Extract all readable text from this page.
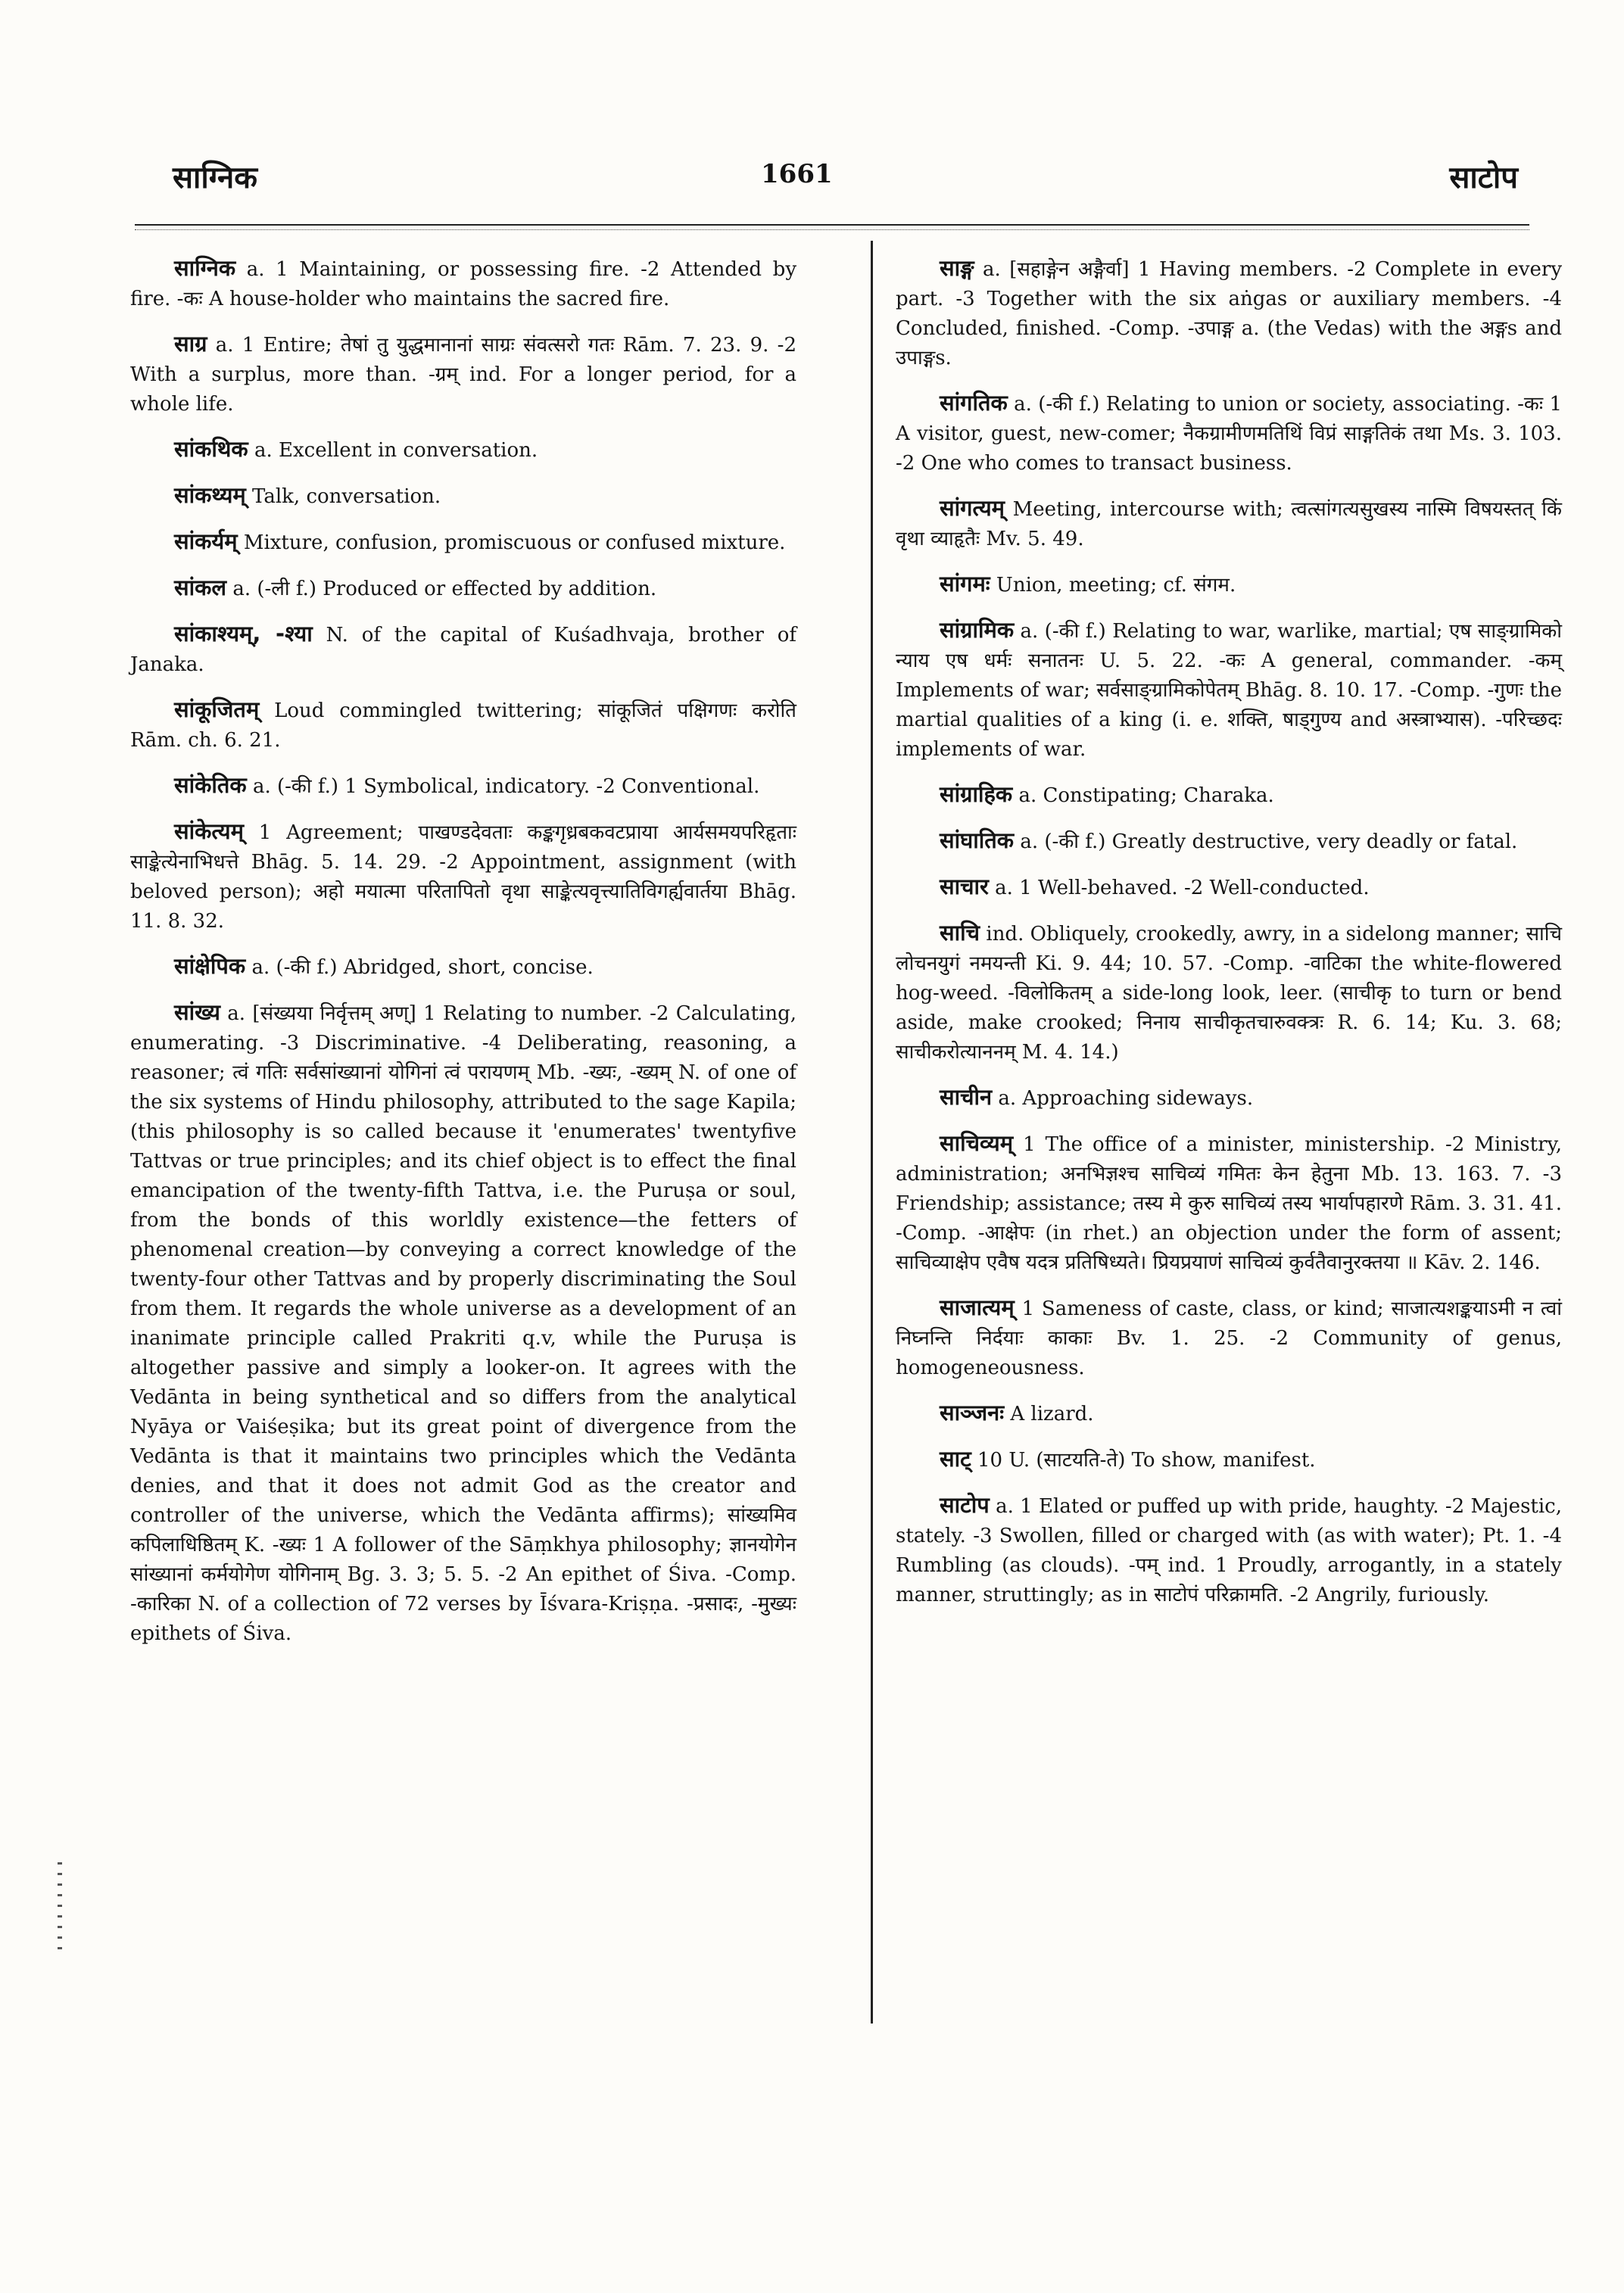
साग्निक	1661	साटोप

साग्निक a. 1 Maintaining, or possessing fire. -2 Attended by fire. -कः A house-holder who maintains the sacred fire.

साग्र a. 1 Entire; तेषां तु युद्धमानानां साग्रः संवत्सरो गतः Rām. 7. 23. 9. -2 With a surplus, more than. -ग्रम् ind. For a longer period, for a whole life.

सांकथिक a. Excellent in conversation.

सांकथ्यम् Talk, conversation.

सांकर्यम् Mixture, confusion, promiscuous or confused mixture.

सांकल a. (-ली f.) Produced or effected by addition.

सांकाश्यम्, -श्या N. of the capital of Kuśadhvaja, brother of Janaka.

सांकूजितम् Loud commingled twittering; सांकूजितं पक्षिगणः करोति Rām. ch. 6. 21.

सांकेतिक a. (-की f.) 1 Symbolical, indicatory. -2 Conventional.

सांकेत्यम् 1 Agreement; पाखण्डदेवताः कङ्कगृध्रबकवटप्राया आर्यसमयपरिहृताः साङ्केत्येनाभिधत्ते Bhāg. 5. 14. 29. -2 Appointment, assignment (with beloved person); अहो मयात्मा परितापितो वृथा साङ्केत्यवृत्त्यातिविगर्ह्यवार्तया Bhāg. 11. 8. 32.

सांक्षेपिक a. (-की f.) Abridged, short, concise.

सांख्य a. [संख्यया निर्वृत्तम् अण्] 1 Relating to number. -2 Calculating, enumerating. -3 Discriminative. -4 Deliberating, reasoning, a reasoner; त्वं गतिः सर्वसांख्यानां योगिनां त्वं परायणम् Mb. -ख्यः, -ख्यम् N. of one of the six systems of Hindu philosophy, attributed to the sage Kapila; (this philosophy is so called because it 'enumerates' twentyfive Tattvas or true principles; and its chief object is to effect the final emancipation of the twenty-fifth Tattva, i.e. the Puruṣa or soul, from the bonds of this worldly existence—the fetters of phenomenal creation—by conveying a correct knowledge of the twenty-four other Tattvas and by properly discriminating the Soul from them. It regards the whole universe as a development of an inanimate principle called Prakriti q.v, while the Puruṣa is altogether passive and simply a looker-on. It agrees with the Vedānta in being synthetical and so differs from the analytical Nyāya or Vaiśeṣika; but its great point of divergence from the Vedānta is that it maintains two principles which the Vedānta denies, and that it does not admit God as the creator and controller of the universe, which the Vedānta affirms); सांख्यमिव कपिलाधिष्ठितम् K. -ख्यः 1 A follower of the Sāṃkhya philosophy; ज्ञानयोगेन सांख्यानां कर्मयोगेण योगिनाम् Bg. 3. 3; 5. 5. -2 An epithet of Śiva. -Comp. -कारिका N. of a collection of 72 verses by Īśvara-Kriṣṇa. -प्रसादः, -मुख्यः epithets of Śiva.

साङ्ग a. [सहाङ्गेन अङ्गैर्वा] 1 Having members. -2 Complete in every part. -3 Together with the six aṅgas or auxiliary members. -4 Concluded, finished. -Comp. -उपाङ्ग a. (the Vedas) with the अङ्गs and उपाङ्गs.

सांगतिक a. (-की f.) Relating to union or society, associating. -कः 1 A visitor, guest, new-comer; नैकग्रामीणमतिथिं विप्रं साङ्गतिकं तथा Ms. 3. 103. -2 One who comes to transact business.

सांगत्यम् Meeting, intercourse with; त्वत्सांगत्यसुखस्य नास्मि विषयस्तत् किं वृथा व्याहृतैः Mv. 5. 49.

सांगमः Union, meeting; cf. संगम.

सांग्रामिक a. (-की f.) Relating to war, warlike, martial; एष साङ्ग्रामिको न्याय एष धर्मः सनातनः U. 5. 22. -कः A general, commander. -कम् Implements of war; सर्वसाङ्ग्रामिकोपेतम् Bhāg. 8. 10. 17. -Comp. -गुणः the martial qualities of a king (i. e. शक्ति, षाड्गुण्य and अस्त्राभ्यास). -परिच्छदः implements of war.

सांग्राहिक a. Constipating; Charaka.

सांघातिक a. (-की f.) Greatly destructive, very deadly or fatal.

साचार a. 1 Well-behaved. -2 Well-conducted.

साचि ind. Obliquely, crookedly, awry, in a sidelong manner; साचि लोचनयुगं नमयन्ती Ki. 9. 44; 10. 57. -Comp. -वाटिका the white-flowered hog-weed. -विलोकितम् a side-long look, leer. (साचीकृ to turn or bend aside, make crooked; निनाय साचीकृतचारुवक्त्रः R. 6. 14; Ku. 3. 68; साचीकरोत्याननम् M. 4. 14.)

साचीन a. Approaching sideways.

साचिव्यम् 1 The office of a minister, ministership. -2 Ministry, administration; अनभिज्ञश्च साचिव्यं गमितः केन हेतुना Mb. 13. 163. 7. -3 Friendship; assistance; तस्य मे कुरु साचिव्यं तस्य भार्यापहारणे Rām. 3. 31. 41. -Comp. -आक्षेपः (in rhet.) an objection under the form of assent; साचिव्याक्षेप एवैष यदत्र प्रतिषिध्यते। प्रियप्रयाणं साचिव्यं कुर्वतैवानुरक्तया ॥ Kāv. 2. 146.

साजात्यम् 1 Sameness of caste, class, or kind; साजात्यशङ्कयाऽमी न त्वां निघ्नन्ति निर्दयाः काकाः Bv. 1. 25. -2 Community of genus, homogeneousness.

साञ्जनः A lizard.

साट् 10 U. (साटयति-ते) To show, manifest.

साटोप a. 1 Elated or puffed up with pride, haughty. -2 Majestic, stately. -3 Swollen, filled or charged with (as with water); Pt. 1. -4 Rumbling (as clouds). -पम् ind. 1 Proudly, arrogantly, in a stately manner, struttingly; as in साटोपं परिक्रामति. -2 Angrily, furiously.
